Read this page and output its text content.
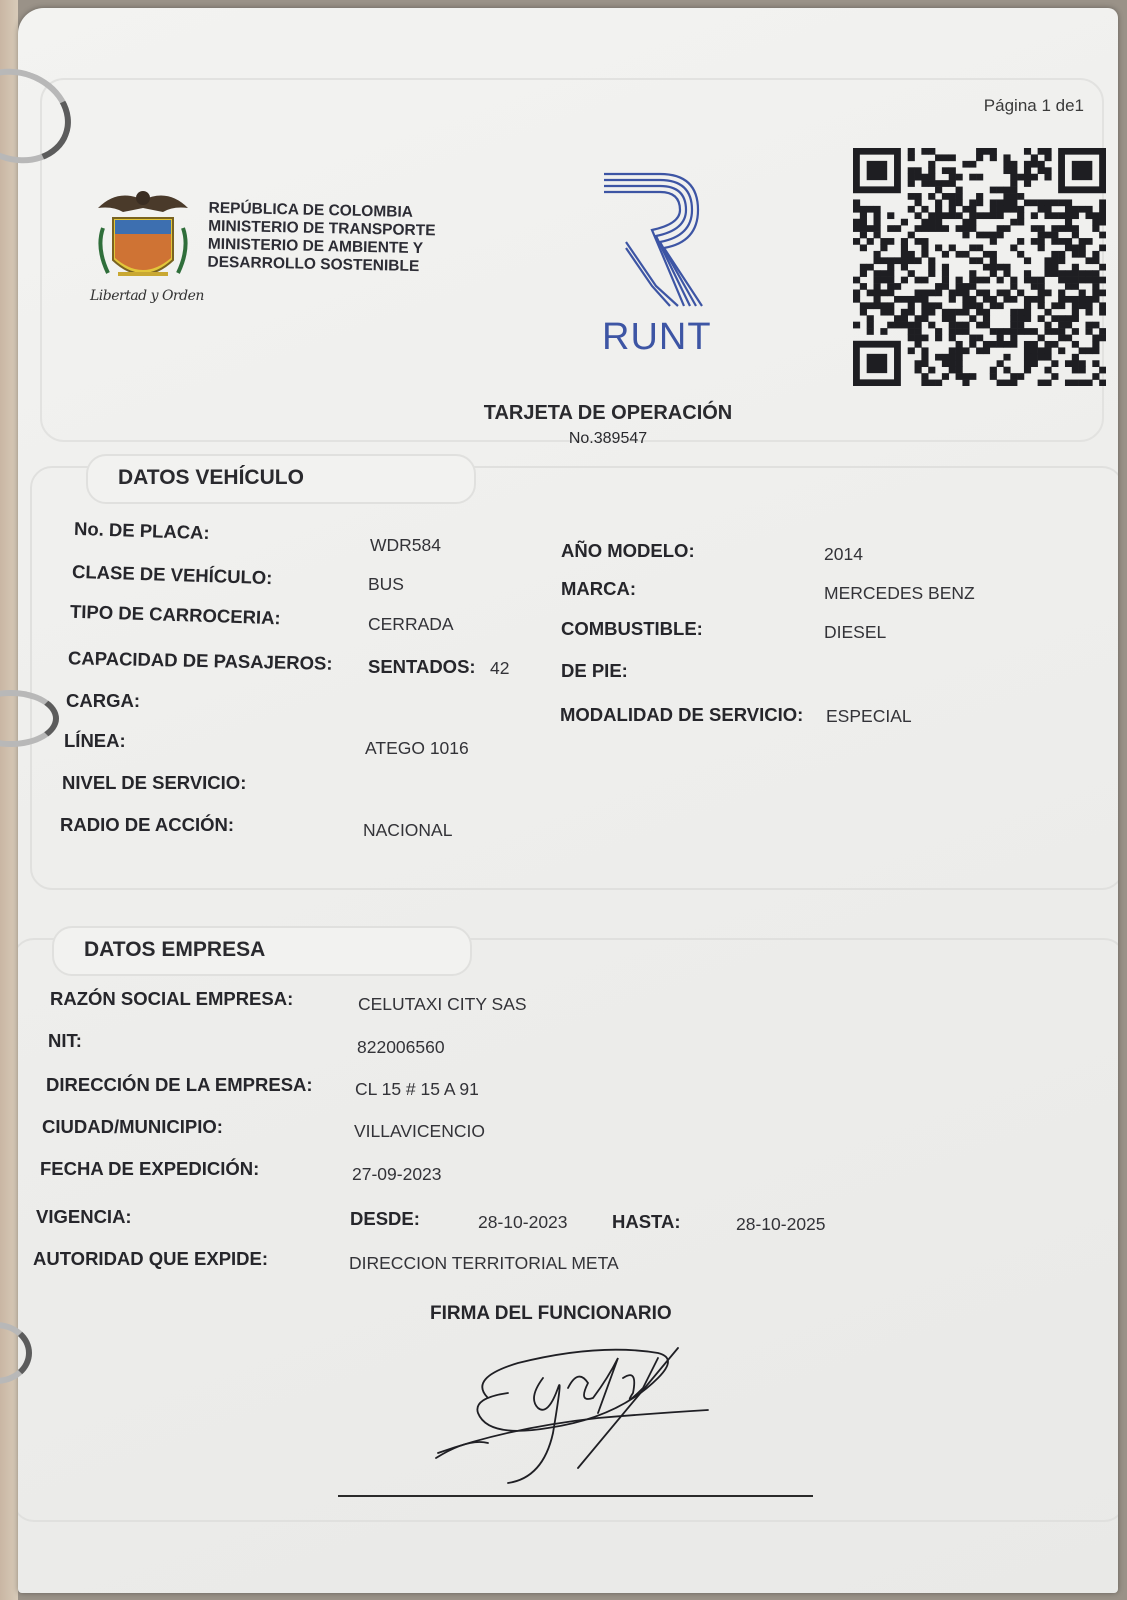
Página 1 de1
Libertad y Orden
REPÚBLICA DE COLOMBIA
MINISTERIO DE TRANSPORTE
MINISTERIO DE AMBIENTE Y
DESARROLLO SOSTENIBLE
RUNT
TARJETA DE OPERACIÓN
No.389547
DATOS VEHÍCULO
No. DE PLACA:
WDR584
CLASE DE VEHÍCULO:	BUS
TIPO DE CARROCERIA:	CERRADA
CAPACIDAD DE PASAJEROS: SENTADOS: 42
CARGA:
LÍNEA:	ATEGO 1016
NIVEL DE SERVICIO:
RADIO DE ACCIÓN:	NACIONAL
AÑO MODELO:	2014
MARCA:	MERCEDES BENZ
COMBUSTIBLE:	DIESEL
DE PIE:
MODALIDAD DE SERVICIO: ESPECIAL
DATOS EMPRESA
RAZÓN SOCIAL EMPRESA:	CELUTAXI CITY SAS
NIT:	822006560
DIRECCIÓN DE LA EMPRESA: CL 15 # 15 A 91
CIUDAD/MUNICIPIO:	VILLAVICENCIO
FECHA DE EXPEDICIÓN:	27-09-2023
VIGENCIA:	DESDE:	28-10-2023 HASTA:	28-10-2025
AUTORIDAD QUE EXPIDE:	DIRECCION TERRITORIAL META
FIRMA DEL FUNCIONARIO
